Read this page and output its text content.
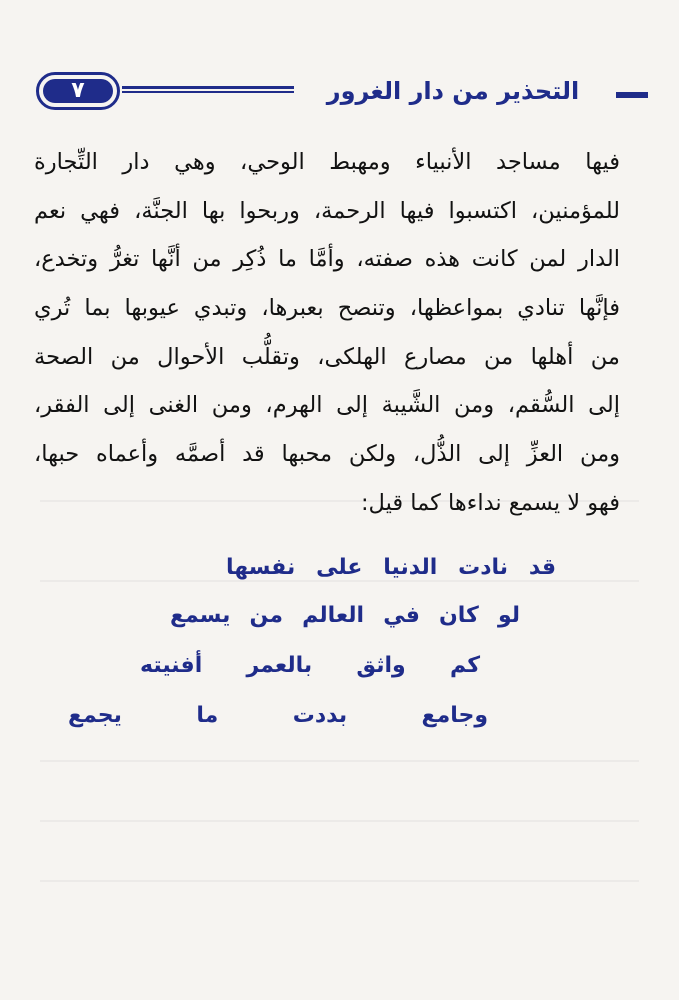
٧	التحذير من دار الغرور
فيها مساجد الأنبياء ومهبط الوحي، وهي دار التِّجارة
للمؤمنين، اكتسبوا فيها الرحمة، وربحوا بها الجنَّة، فهي نعم
الدار لمن كانت هذه صفته، وأمَّا ما ذُكِر من أنَّها تغرُّ وتخدع،
فإنَّها تنادي بمواعظها، وتنصح بعبرها، وتبدي عيوبها بما تُري
من أهلها من مصارع الهلكى، وتقلُّب الأحوال من الصحة
إلى السُّقم، ومن الشَّيبة إلى الهرم، ومن الغنى إلى الفقر،
ومن العزِّ إلى الذُّل، ولكن محبها قد أصمَّه وأعماه حبها،
فهو لا يسمع نداءها كما قيل:
قد نادت الدنيا على نفسها
لو كان في العالم من يسمع
كم واثق بالعمر أفنيته
وجامع بددت ما يجمع
